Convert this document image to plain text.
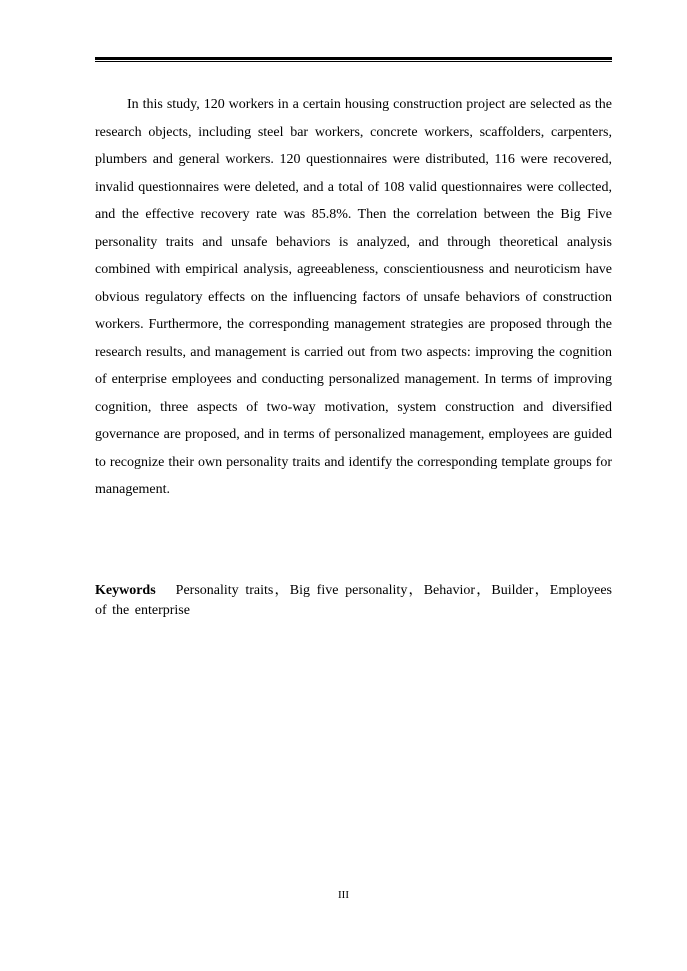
In this study, 120 workers in a certain housing construction project are selected as the research objects, including steel bar workers, concrete workers, scaffolders, carpenters, plumbers and general workers. 120 questionnaires were distributed, 116 were recovered, invalid questionnaires were deleted, and a total of 108 valid questionnaires were collected, and the effective recovery rate was 85.8%. Then the correlation between the Big Five personality traits and unsafe behaviors is analyzed, and through theoretical analysis combined with empirical analysis, agreeableness, conscientiousness and neuroticism have obvious regulatory effects on the influencing factors of unsafe behaviors of construction workers. Furthermore, the corresponding management strategies are proposed through the research results, and management is carried out from two aspects: improving the cognition of enterprise employees and conducting personalized management. In terms of improving cognition, three aspects of two-way motivation, system construction and diversified governance are proposed, and in terms of personalized management, employees are guided to recognize their own personality traits and identify the corresponding template groups for management.

Keywords Personality traits，Big five personality，Behavior，Builder，Employees of the enterprise

III
